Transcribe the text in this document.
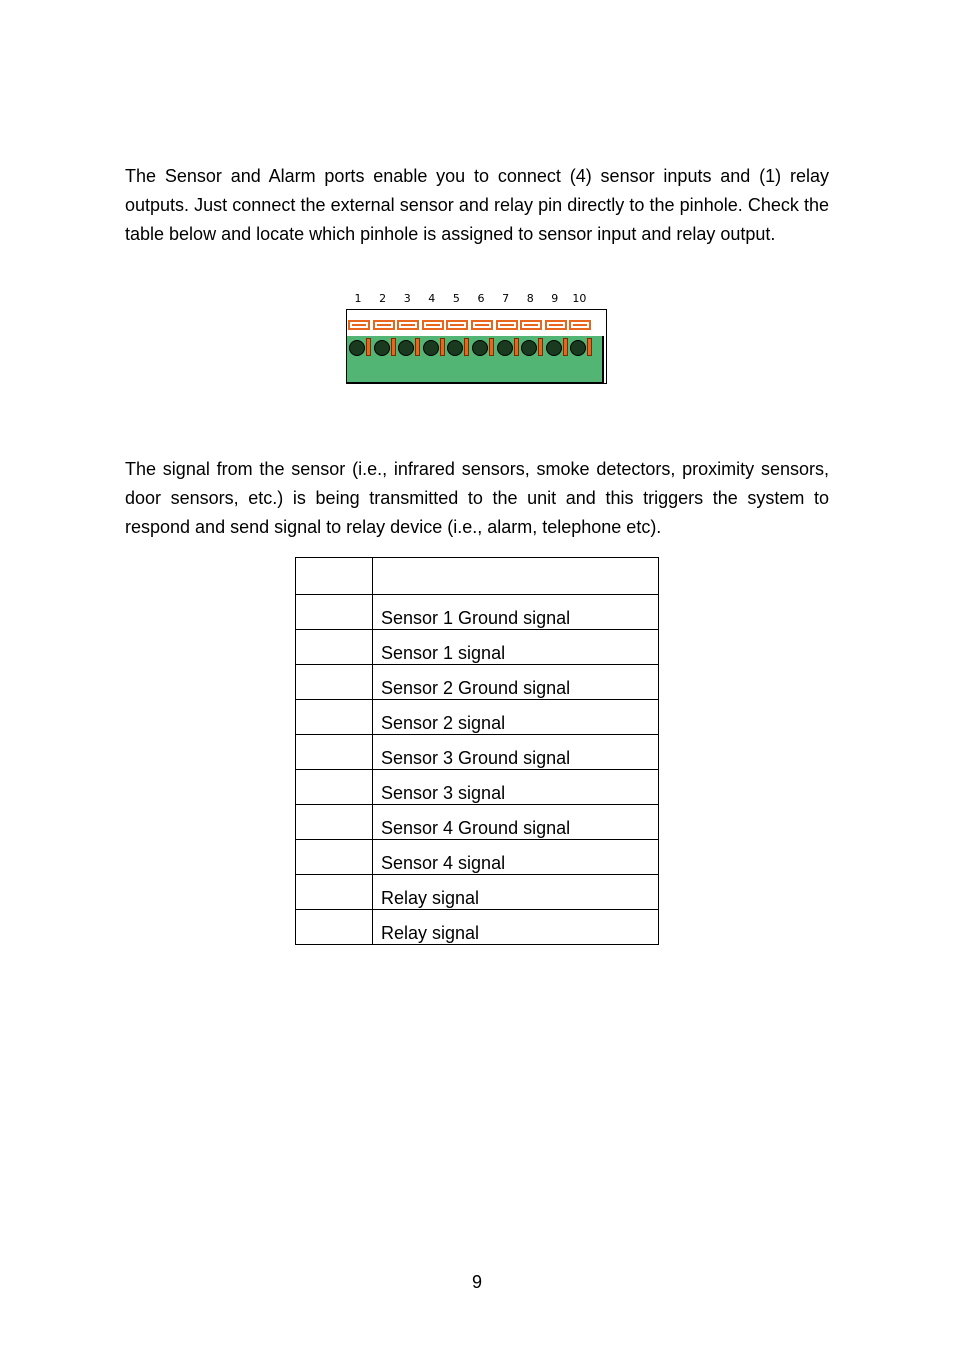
The Sensor and Alarm ports enable you to connect (4) sensor inputs and (1) relay outputs. Just connect the external sensor and relay pin directly to the pinhole. Check the table below and locate which pinhole is assigned to sensor input and relay output.

1	2	3	4	5	6	7	8	9	10

The signal from the sensor (i.e., infrared sensors, smoke detectors, proximity sensors, door sensors, etc.) is being transmitted to the unit and this triggers the system to respond and send signal to relay device (i.e., alarm, telephone etc).

	Sensor 1 Ground signal
	Sensor 1 signal
	Sensor 2 Ground signal
	Sensor 2 signal
	Sensor 3 Ground signal
	Sensor 3 signal
	Sensor 4 Ground signal
	Sensor 4 signal
	Relay signal
	Relay signal
9
